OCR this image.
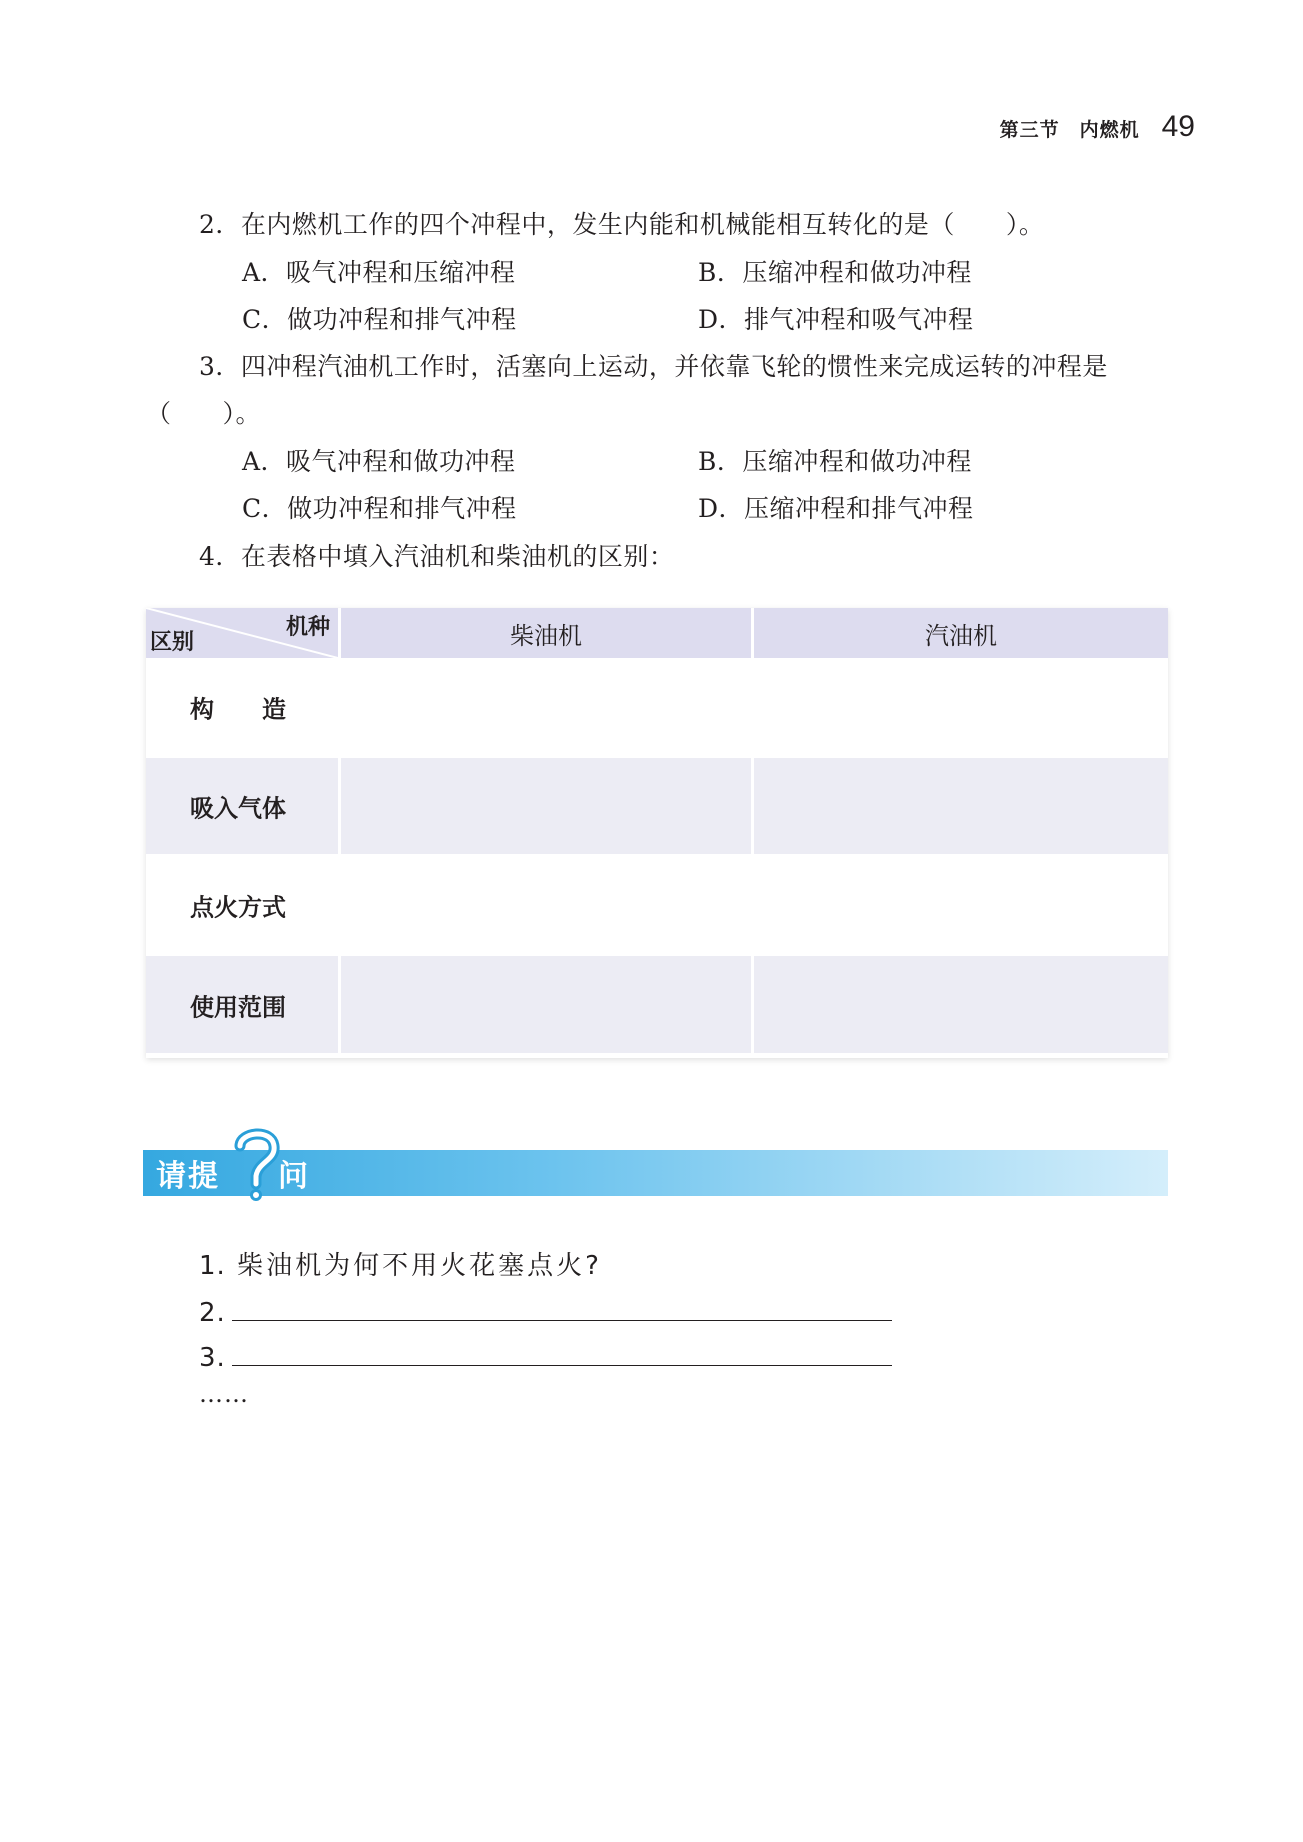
第三节　内燃机 49
2．在内燃机工作的四个冲程中，发生内能和机械能相互转化的是（　　）。
A．吸气冲程和压缩冲程	B．压缩冲程和做功冲程
C．做功冲程和排气冲程	D．排气冲程和吸气冲程
3．四冲程汽油机工作时，活塞向上运动，并依靠飞轮的惯性来完成运转的冲程是
（　　）。
A．吸气冲程和做功冲程	B．压缩冲程和做功冲程
C．做功冲程和排气冲程	D．压缩冲程和排气冲程
4．在表格中填入汽油机和柴油机的区别：
机种
区别	柴油机	汽油机
构　　造
吸入气体
点火方式
使用范围
请提 问
1. 柴油机为何不用火花塞点火?
2.
3.
……
